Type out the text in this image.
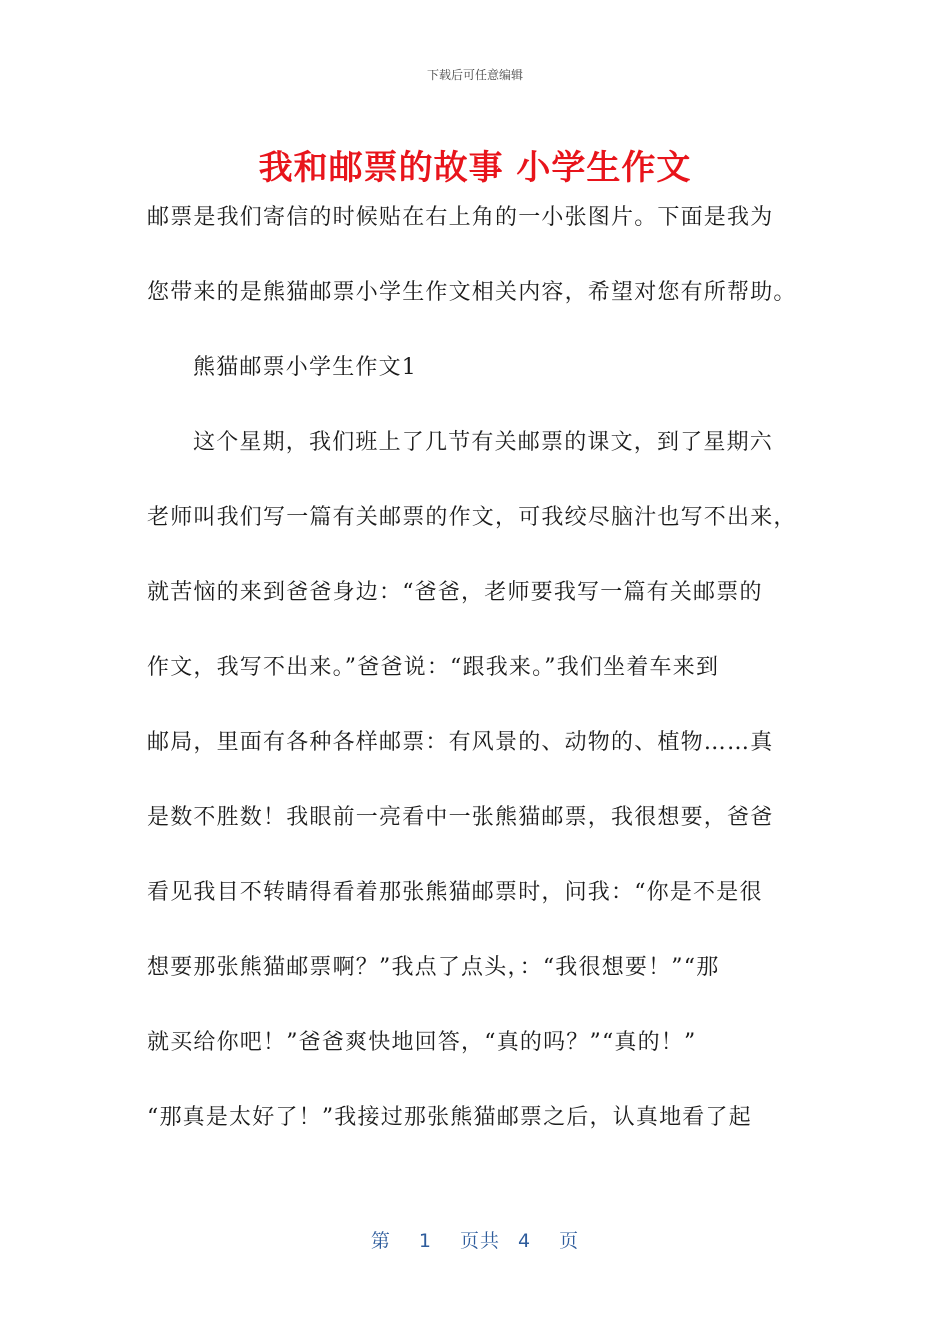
下载后可任意编辑
我和邮票的故事 小学生作文
邮票是我们寄信的时候贴在右上角的一小张图片。下面是我为
您带来的是熊猫邮票小学生作文相关内容，希望对您有所帮助。
熊猫邮票小学生作文1
这个星期，我们班上了几节有关邮票的课文，到了星期六
老师叫我们写一篇有关邮票的作文，可我绞尽脑汁也写不出来，
就苦恼的来到爸爸身边：“爸爸，老师要我写一篇有关邮票的
作文，我写不出来。”爸爸说：“跟我来。”我们坐着车来到
邮局，里面有各种各样邮票：有风景的、动物的、植物……真
是数不胜数！我眼前一亮看中一张熊猫邮票，我很想要，爸爸
看见我目不转睛得看着那张熊猫邮票时，问我：“你是不是很
想要那张熊猫邮票啊？”我点了点头，：“我很想要！”“那
就买给你吧！”爸爸爽快地回答，“真的吗？”“真的！”
“那真是太好了！”我接过那张熊猫邮票之后，认真地看了起
第 1 页共 4 页
